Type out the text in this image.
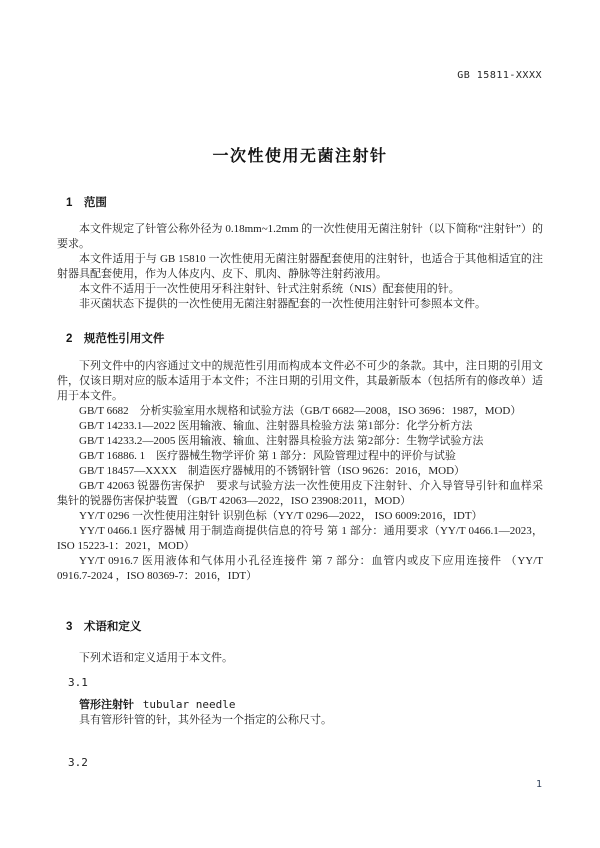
GB 15811-XXXX
一次性使用无菌注射针
1　范围

本文件规定了针管公称外径为 0.18mm~1.2mm 的一次性使用无菌注射针（以下简称“注射针”）的要求。

本文件适用于与 GB 15810 一次性使用无菌注射器配套使用的注射针，也适合于其他相适宜的注射器具配套使用，作为人体皮内、皮下、肌肉、静脉等注射药液用。

本文件不适用于一次性使用牙科注射针、针式注射系统（NIS）配套使用的针。

非灭菌状态下提供的一次性使用无菌注射器配套的一次性使用注射针可参照本文件。

2　规范性引用文件

下列文件中的内容通过文中的规范性引用而构成本文件必不可少的条款。其中，注日期的引用文件，仅该日期对应的版本适用于本文件；不注日期的引用文件，其最新版本（包括所有的修改单）适用于本文件。

GB/T 6682　分析实验室用水规格和试验方法（GB/T 6682—2008，ISO 3696：1987，MOD）

GB/T 14233.1—2022 医用输液、输血、注射器具检验方法 第1部分：化学分析方法

GB/T 14233.2—2005 医用输液、输血、注射器具检验方法 第2部分：生物学试验方法

GB/T 16886. 1　医疗器械生物学评价 第 1 部分：风险管理过程中的评价与试验

GB/T 18457—XXXX　制造医疗器械用的不锈钢针管（ISO 9626：2016，MOD）

GB/T 42063 锐器伤害保护　要求与试验方法一次性使用皮下注射针、介入导管导引针和血样采集针的锐器伤害保护装置 （GB/T 42063—2022，ISO 23908:2011，MOD）

YY/T 0296 一次性使用注射针 识别色标（YY/T 0296—2022， ISO 6009:2016，IDT）

YY/T 0466.1 医疗器械 用于制造商提供信息的符号 第 1 部分：通用要求（YY/T 0466.1—2023，ISO 15223-1：2021，MOD）

YY/T 0916.7 医用液体和气体用小孔径连接件 第 7 部分：血管内或皮下应用连接件 （YY/T 0916.7-2024 ，ISO 80369-7：2016，IDT）

3　术语和定义

下列术语和定义适用于本文件。

3.1

管形注射针 tubular needle

具有管形针管的针，其外径为一个指定的公称尺寸。

3.2

1
